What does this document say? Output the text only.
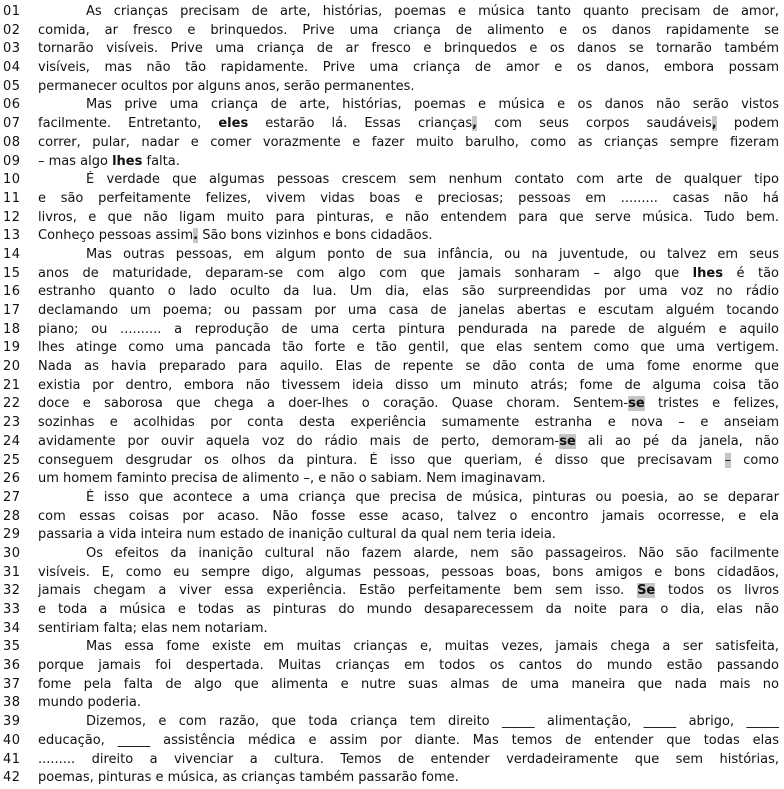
01	As crianças precisam de arte, histórias, poemas e música tanto quanto precisam de amor,
02	comida, ar fresco e brinquedos. Prive uma criança de alimento e os danos rapidamente se
03	tornarão visíveis. Prive uma criança de ar fresco e brinquedos e os danos se tornarão também
04	visíveis, mas não tão rapidamente. Prive uma criança de amor e os danos, embora possam
05	permanecer ocultos por alguns anos, serão permanentes.
06	Mas prive uma criança de arte, histórias, poemas e música e os danos não serão vistos
07	facilmente. Entretanto, eles estarão lá. Essas crianças, com seus corpos saudáveis, podem
08	correr, pular, nadar e comer vorazmente e fazer muito barulho, como as crianças sempre fizeram
09	– mas algo lhes falta.
10	É verdade que algumas pessoas crescem sem nenhum contato com arte de qualquer tipo
11	e são perfeitamente felizes, vivem vidas boas e preciosas; pessoas em ......... casas não há
12	livros, e que não ligam muito para pinturas, e não entendem para que serve música. Tudo bem.
13	Conheço pessoas assim. São bons vizinhos e bons cidadãos.
14	Mas outras pessoas, em algum ponto de sua infância, ou na juventude, ou talvez em seus
15	anos de maturidade, deparam-se com algo com que jamais sonharam – algo que lhes é tão
16	estranho quanto o lado oculto da lua. Um dia, elas são surpreendidas por uma voz no rádio
17	declamando um poema; ou passam por uma casa de janelas abertas e escutam alguém tocando
18	piano; ou .......... a reprodução de uma certa pintura pendurada na parede de alguém e aquilo
19	lhes atinge como uma pancada tão forte e tão gentil, que elas sentem como que uma vertigem.
20	Nada as havia preparado para aquilo. Elas de repente se dão conta de uma fome enorme que
21	existia por dentro, embora não tivessem ideia disso um minuto atrás; fome de alguma coisa tão
22	doce e saborosa que chega a doer-lhes o coração. Quase choram. Sentem-se tristes e felizes,
23	sozinhas e acolhidas por conta desta experiência sumamente estranha e nova – e anseiam
24	avidamente por ouvir aquela voz do rádio mais de perto, demoram-se ali ao pé da janela, não
25	conseguem desgrudar os olhos da pintura. É isso que queriam, é disso que precisavam – como
26	um homem faminto precisa de alimento –, e não o sabiam. Nem imaginavam.
27	É isso que acontece a uma criança que precisa de música, pinturas ou poesia, ao se deparar
28	com essas coisas por acaso. Não fosse esse acaso, talvez o encontro jamais ocorresse, e ela
29	passaria a vida inteira num estado de inanição cultural da qual nem teria ideia.
30	Os efeitos da inanição cultural não fazem alarde, nem são passageiros. Não são facilmente
31	visíveis. E, como eu sempre digo, algumas pessoas, pessoas boas, bons amigos e bons cidadãos,
32	jamais chegam a viver essa experiência. Estão perfeitamente bem sem isso. Se todos os livros
33	e toda a música e todas as pinturas do mundo desaparecessem da noite para o dia, elas não
34	sentiriam falta; elas nem notariam.
35	Mas essa fome existe em muitas crianças e, muitas vezes, jamais chega a ser satisfeita,
36	porque jamais foi despertada. Muitas crianças em todos os cantos do mundo estão passando
37	fome pela falta de algo que alimenta e nutre suas almas de uma maneira que nada mais no
38	mundo poderia.
39	Dizemos, e com razão, que toda criança tem direito _____ alimentação, _____ abrigo, _____
40	educação, _____ assistência médica e assim por diante. Mas temos de entender que todas elas
41	......... direito a vivenciar a cultura. Temos de entender verdadeiramente que sem histórias,
42	poemas, pinturas e música, as crianças também passarão fome.
